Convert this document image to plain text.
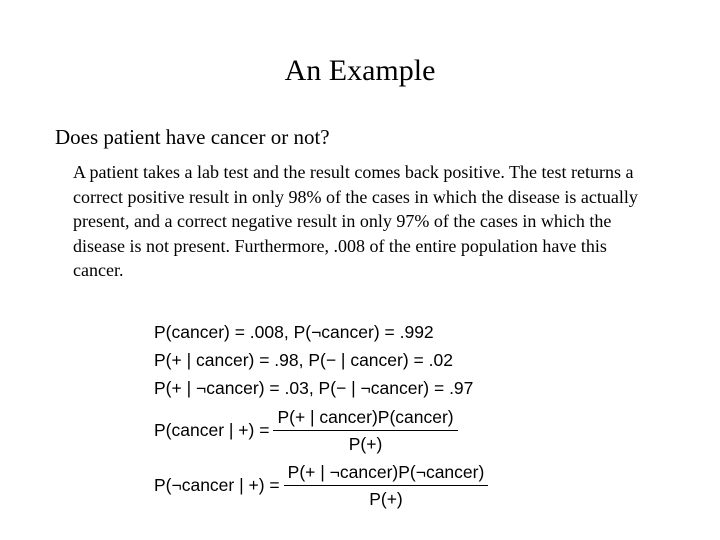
An Example
Does patient have cancer or not?
A patient takes a lab test and the result comes back positive. The test returns a correct positive result in only 98% of the cases in which the disease is actually present, and a correct negative result in only 97% of the cases in which the disease is not present. Furthermore, .008 of the entire population have this cancer.
P(cancer) = .008, P(¬cancer) = .992
P(+ | cancer) = .98, P(− | cancer) = .02
P(+ | ¬cancer) = .03, P(− | ¬cancer) = .97
P(cancer | +) = $\frac{\text{P(+ | cancer)P(cancer)}}{P(+)}$
P(¬cancer | +) = $\frac{\text{P(+ | ¬cancer)P(¬cancer)}}{P(+)}$
